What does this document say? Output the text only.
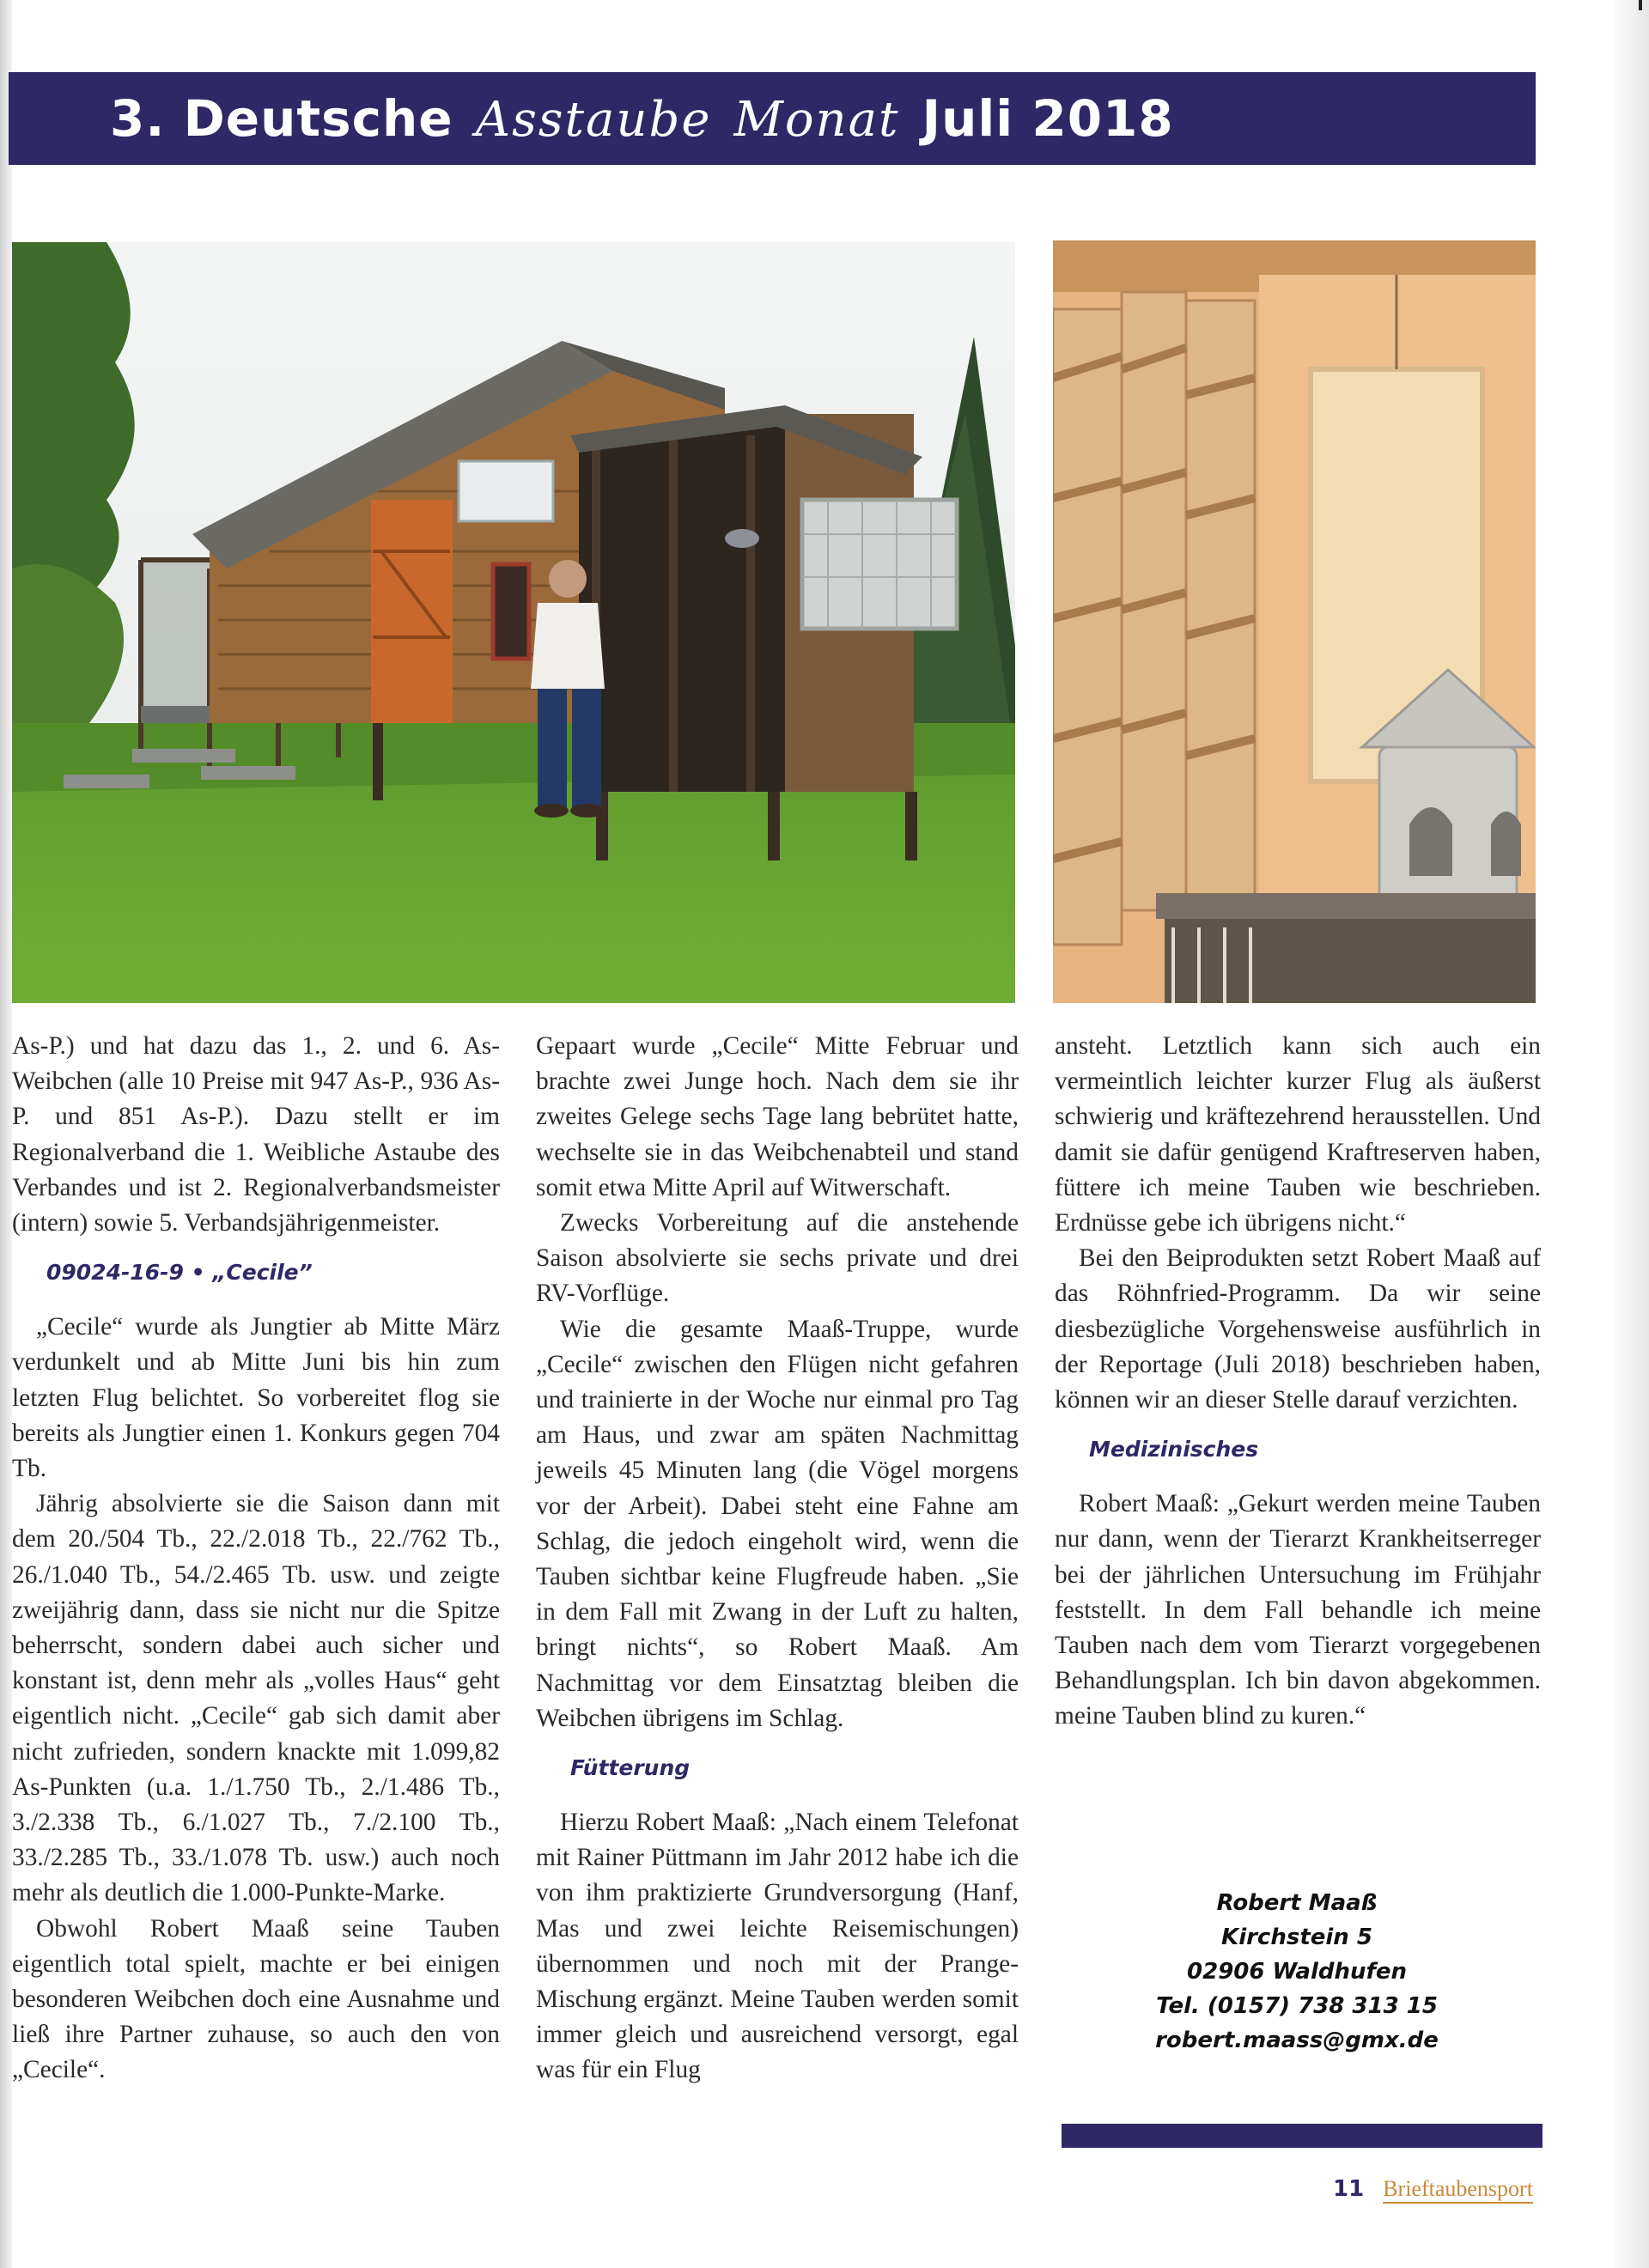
3. Deutsche Asstaube Monat Juli 2018

As-P.) und hat dazu das 1., 2. und 6. As-Weibchen (alle 10 Preise mit 947 As-P., 936 As-P. und 851 As-P.). Dazu stellt er im Regionalverband die 1. Weibliche Astaube des Verbandes und ist 2. Regionalverbandsmeister (intern) sowie 5. Verbandsjährigenmeister.

09024-16-9 • „Cecile”

„Cecile“ wurde als Jungtier ab Mitte März verdunkelt und ab Mitte Juni bis hin zum letzten Flug belichtet. So vorbereitet flog sie bereits als Jungtier einen 1. Konkurs gegen 704 Tb.

Jährig absolvierte sie die Saison dann mit dem 20./504 Tb., 22./2.018 Tb., 22./762 Tb., 26./1.040 Tb., 54./2.465 Tb. usw. und zeigte zweijährig dann, dass sie nicht nur die Spitze beherrscht, sondern dabei auch sicher und konstant ist, denn mehr als „volles Haus“ geht eigentlich nicht. „Cecile“ gab sich damit aber nicht zufrieden, sondern knackte mit 1.099,82 As-Punkten (u.a. 1./1.750 Tb., 2./1.486 Tb., 3./2.338 Tb., 6./1.027 Tb., 7./2.100 Tb., 33./2.285 Tb., 33./1.078 Tb. usw.) auch noch mehr als deutlich die 1.000-Punkte-Marke.

Obwohl Robert Maaß seine Tauben eigentlich total spielt, machte er bei einigen besonderen Weibchen doch eine Ausnahme und ließ ihre Partner zuhause, so auch den von „Cecile“.

Gepaart wurde „Cecile“ Mitte Februar und brachte zwei Junge hoch. Nach dem sie ihr zweites Gelege sechs Tage lang bebrütet hatte, wechselte sie in das Weibchenabteil und stand somit etwa Mitte April auf Witwerschaft.

Zwecks Vorbereitung auf die anstehende Saison absolvierte sie sechs private und drei RV-Vorflüge.

Wie die gesamte Maaß-Truppe, wurde „Cecile“ zwischen den Flügen nicht gefahren und trainierte in der Woche nur einmal pro Tag am Haus, und zwar am späten Nachmittag jeweils 45 Minuten lang (die Vögel morgens vor der Arbeit). Dabei steht eine Fahne am Schlag, die jedoch eingeholt wird, wenn die Tauben sichtbar keine Flugfreude haben. „Sie in dem Fall mit Zwang in der Luft zu halten, bringt nichts“, so Robert Maaß. Am Nachmittag vor dem Einsatztag bleiben die Weibchen übrigens im Schlag.

Fütterung

Hierzu Robert Maaß: „Nach einem Telefonat mit Rainer Püttmann im Jahr 2012 habe ich die von ihm praktizierte Grundversorgung (Hanf, Mas und zwei leichte Reisemischungen) übernommen und noch mit der Prange-Mischung ergänzt. Meine Tauben werden somit immer gleich und ausreichend versorgt, egal was für ein Flug

ansteht. Letztlich kann sich auch ein vermeintlich leichter kurzer Flug als äußerst schwierig und kräftezehrend herausstellen. Und damit sie dafür genügend Kraftreserven haben, füttere ich meine Tauben wie beschrieben. Erdnüsse gebe ich übrigens nicht.“

Bei den Beiprodukten setzt Robert Maaß auf das Röhnfried-Programm. Da wir seine diesbezügliche Vorgehensweise ausführlich in der Reportage (Juli 2018) beschrieben haben, können wir an dieser Stelle darauf verzichten.

Medizinisches

Robert Maaß: „Gekurt werden meine Tauben nur dann, wenn der Tierarzt Krankheitserreger bei der jährlichen Untersuchung im Frühjahr feststellt. In dem Fall behandle ich meine Tauben nach dem vom Tierarzt vorgegebenen Behandlungsplan. Ich bin davon abgekommen. meine Tauben blind zu kuren.“

Robert Maaß
Kirchstein 5
02906 Waldhufen
Tel. (0157) 738 313 15
robert.maass@gmx.de
11 Brieftaubensport
